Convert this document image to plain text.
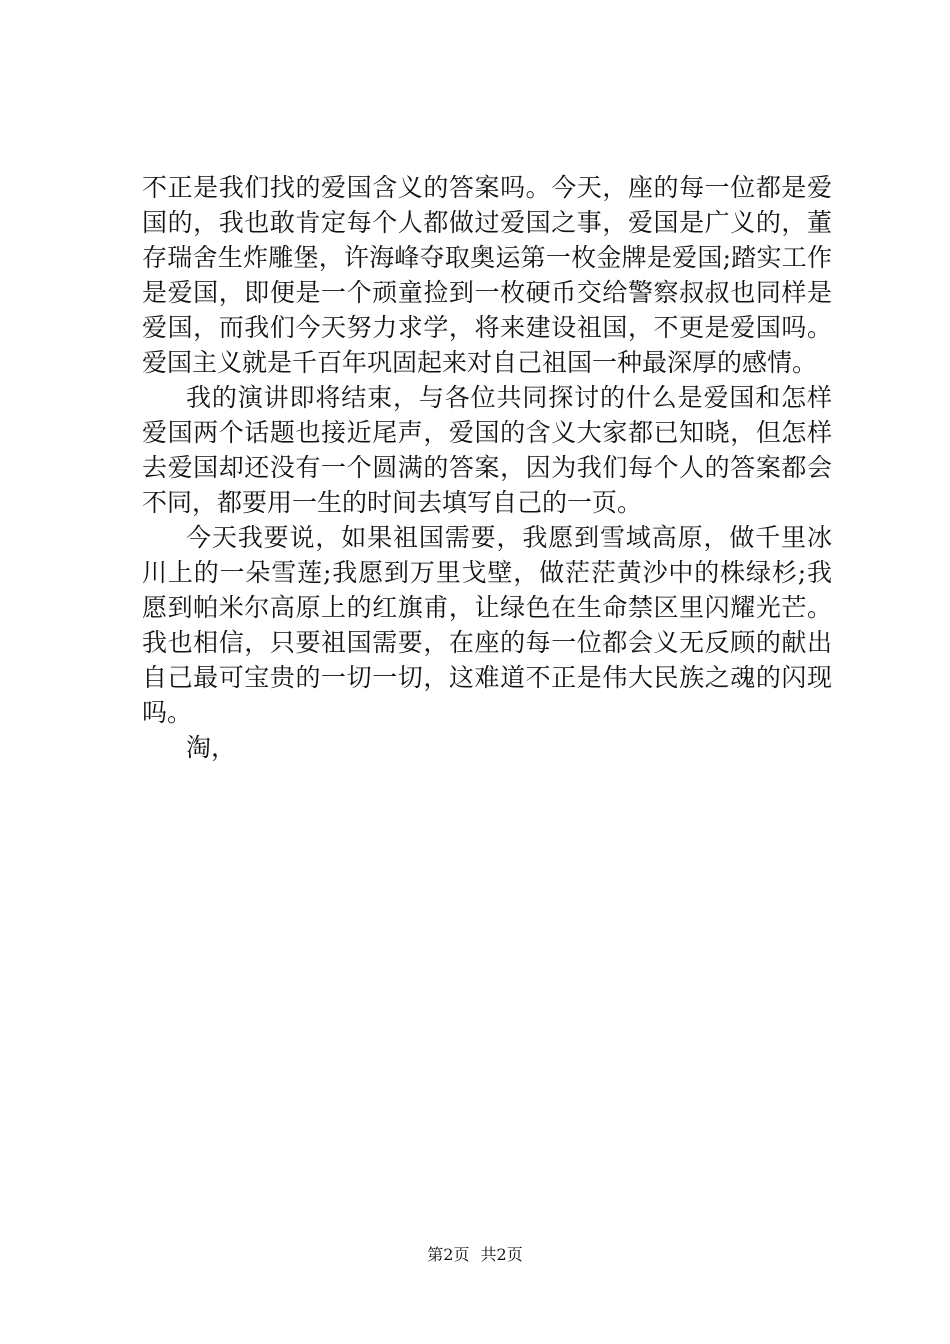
不正是我们找的爱国含义的答案吗。今天，座的每一位都是爱
国的，我也敢肯定每个人都做过爱国之事，爱国是广义的，董
存瑞舍生炸雕堡，许海峰夺取奥运第一枚金牌是爱国;踏实工作
是爱国，即便是一个顽童捡到一枚硬币交给警察叔叔也同样是
爱国，而我们今天努力求学，将来建设祖国，不更是爱国吗。
爱国主义就是千百年巩固起来对自己祖国一种最深厚的感情。
我的演讲即将结束，与各位共同探讨的什么是爱国和怎样
爱国两个话题也接近尾声，爱国的含义大家都已知晓，但怎样
去爱国却还没有一个圆满的答案，因为我们每个人的答案都会
不同，都要用一生的时间去填写自己的一页。
今天我要说，如果祖国需要，我愿到雪域高原，做千里冰
川上的一朵雪莲;我愿到万里戈壁，做茫茫黄沙中的株绿杉;我
愿到帕米尔高原上的红旗甫，让绿色在生命禁区里闪耀光芒。
我也相信，只要祖国需要，在座的每一位都会义无反顾的献出
自己最可宝贵的一切一切，这难道不正是伟大民族之魂的闪现
吗。
淘，
第2页 共2页
